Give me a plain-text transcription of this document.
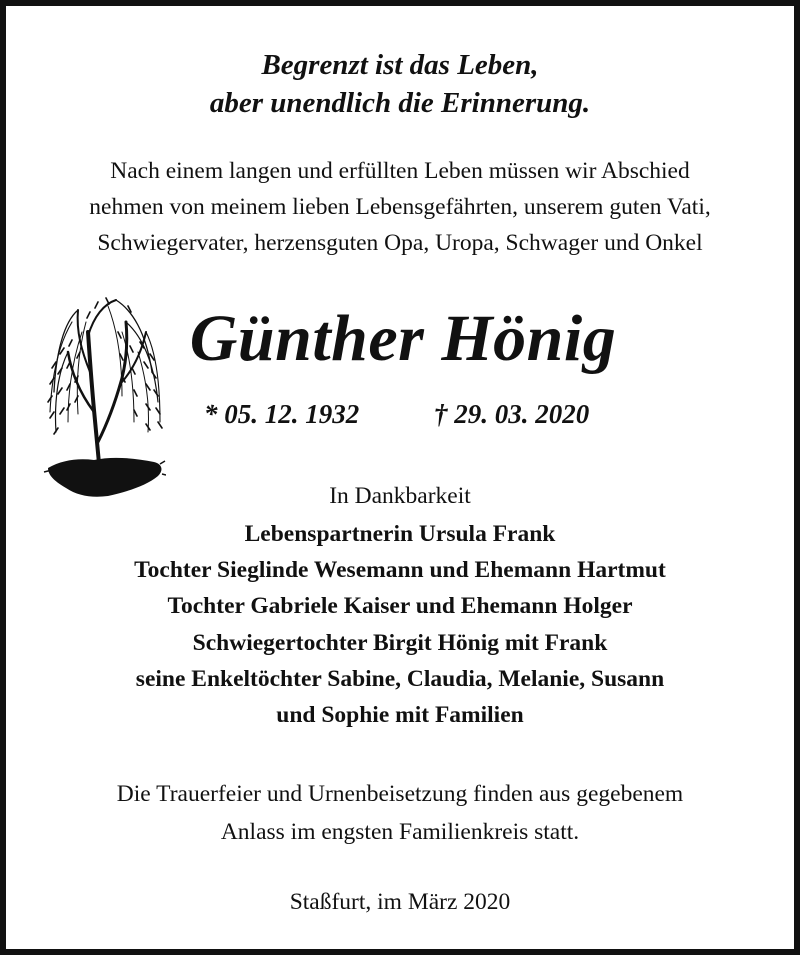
Begrenzt ist das Leben,
aber unendlich die Erinnerung.
Nach einem langen und erfüllten Leben müssen wir Abschied
nehmen von meinem lieben Lebensgefährten, unserem guten Vati,
Schwiegervater, herzensguten Opa, Uropa, Schwager und Onkel
Günther Hönig
* 05. 12. 1932	† 29. 03. 2020
In Dankbarkeit
Lebenspartnerin Ursula Frank
Tochter Sieglinde Wesemann und Ehemann Hartmut
Tochter Gabriele Kaiser und Ehemann Holger
Schwiegertochter Birgit Hönig mit Frank
seine Enkeltöchter Sabine, Claudia, Melanie, Susann
und Sophie mit Familien
Die Trauerfeier und Urnenbeisetzung finden aus gegebenem
Anlass im engsten Familienkreis statt.
Staßfurt, im März 2020
